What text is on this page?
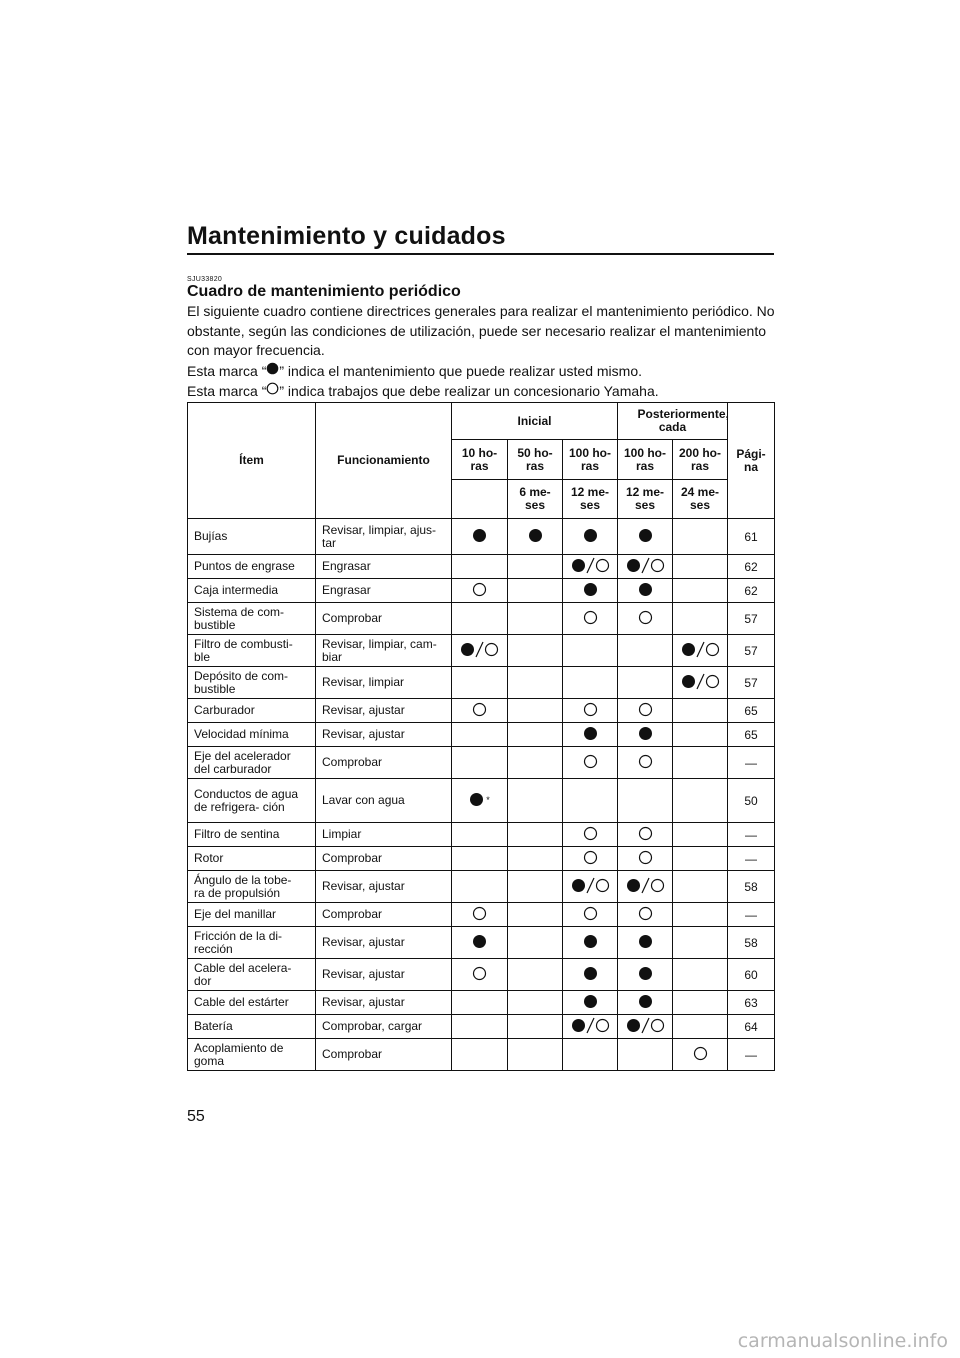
Mantenimiento y cuidados
SJU33820
Cuadro de mantenimiento periódico

El siguiente cuadro contiene directrices generales para realizar el mantenimiento periódico. No obstante, según las condiciones de utilización, puede ser necesario realizar el mantenimiento con mayor frecuencia.

Esta marca “ ” indica el mantenimiento que puede realizar usted mismo.

Esta marca “ ” indica trabajos que debe realizar un concesionario Yamaha.

Ítem	Funcionamiento	Inicial			Posteriormente, cada		Pági- na

		10 ho- ras	50 ho- ras	100 ho- ras	100 ho- ras	200 ho- ras	

			6 me- ses	12 me- ses	12 me- ses	24 me- ses	

Bujías	Revisar, limpiar, ajus- tar						61

Puntos de engrase	Engrasar						62

Caja intermedia	Engrasar						62

Sistema de com- bustible	Comprobar						57

Filtro de combusti- ble	Revisar, limpiar, cam- biar						57

Depósito de com- bustible	Revisar, limpiar						57

Carburador	Revisar, ajustar						65

Velocidad mínima	Revisar, ajustar						65

Eje del acelerador del carburador	Comprobar						—

Conductos de agua de refrigera- ción	Lavar con agua	*					50

Filtro de sentina	Limpiar						—

Rotor	Comprobar						—

Ángulo de la tobe- ra de propulsión	Revisar, ajustar						58

Eje del manillar	Comprobar						—

Fricción de la di- rección	Revisar, ajustar						58

Cable del acelera- dor	Revisar, ajustar						60

Cable del estárter	Revisar, ajustar						63

Batería	Comprobar, cargar						64

Acoplamiento de goma	Comprobar						—
55
carmanualsonline.info
